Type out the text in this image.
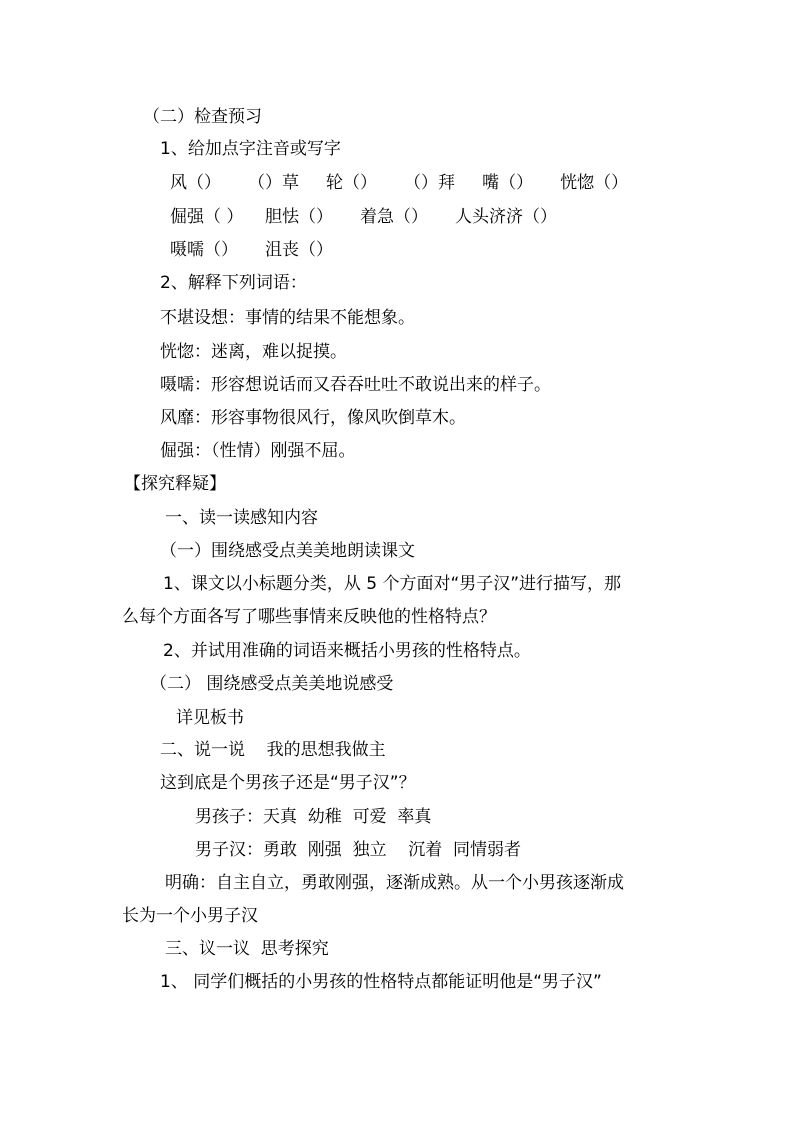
（二）检查预习
1、给加点字注音或写字
风（）     （）草     轮（）     （）拜     嘴（）     恍惚（）
倔强（ ）    胆怯（）     着急（）     人头济济（）
嗫嚅（）     沮丧（）
2、解释下列词语：
不堪设想：事情的结果不能想象。
恍惚：迷离，难以捉摸。
嗫嚅：形容想说话而又吞吞吐吐不敢说出来的样子。
风靡：形容事物很风行，像风吹倒草木。
倔强：（性情）刚强不屈。
【探究释疑】
一、读一读感知内容
（一）围绕感受点美美地朗读课文
1、课文以小标题分类，从 5 个方面对“男子汉”进行描写，那
么每个方面各写了哪些事情来反映他的性格特点？
2、并试用准确的词语来概括小男孩的性格特点。
（二） 围绕感受点美美地说感受
详见板书
二、说一说    我的思想我做主
这到底是个男孩子还是“男子汉”？
男孩子：天真  幼稚  可爱  率真
男子汉：勇敢  刚强  独立    沉着  同情弱者
明确：自主自立，勇敢刚强，逐渐成熟。从一个小男孩逐渐成
长为一个小男子汉
三、议一议  思考探究
1、 同学们概括的小男孩的性格特点都能证明他是“男子汉”
